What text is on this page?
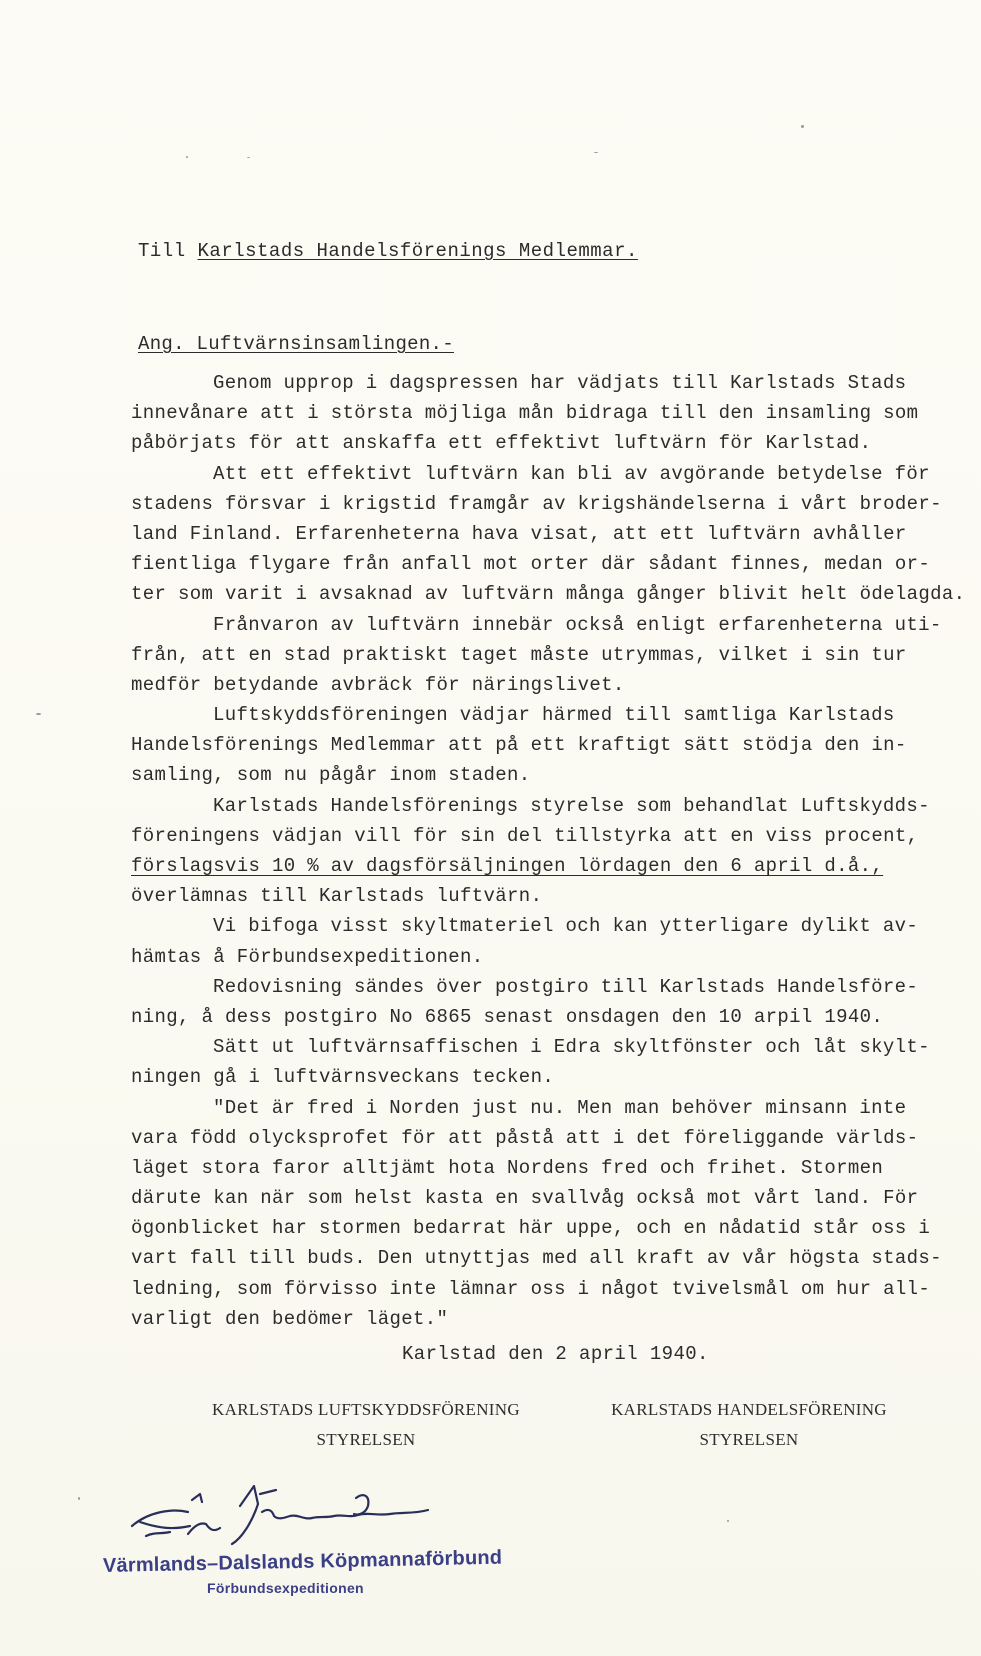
Till Karlstads Handelsförenings Medlemmar.
Ang. Luftvärnsinsamlingen.-
Genom upprop i dagspressen har vädjats till Karlstads Stads
innevånare att i största möjliga mån bidraga till den insamling som
påbörjats för att anskaffa ett effektivt luftvärn för Karlstad.
Att ett effektivt luftvärn kan bli av avgörande betydelse för
stadens försvar i krigstid framgår av krigshändelserna i vårt broder-
land Finland. Erfarenheterna hava visat, att ett luftvärn avhåller
fientliga flygare från anfall mot orter där sådant finnes, medan or-
ter som varit i avsaknad av luftvärn många gånger blivit helt ödelagda.
Frånvaron av luftvärn innebär också enligt erfarenheterna uti-
från, att en stad praktiskt taget måste utrymmas, vilket i sin tur
medför betydande avbräck för näringslivet.
Luftskyddsföreningen vädjar härmed till samtliga Karlstads
Handelsförenings Medlemmar att på ett kraftigt sätt stödja den in-
samling, som nu pågår inom staden.
Karlstads Handelsförenings styrelse som behandlat Luftskydds-
föreningens vädjan vill för sin del tillstyrka att en viss procent,
förslagsvis 10 % av dagsförsäljningen lördagen den 6 april d.å.,
överlämnas till Karlstads luftvärn.
Vi bifoga visst skyltmateriel och kan ytterligare dylikt av-
hämtas å Förbundsexpeditionen.
Redovisning sändes över postgiro till Karlstads Handelsföre-
ning, å dess postgiro No 6865 senast onsdagen den 10 arpil 1940.
Sätt ut luftvärnsaffischen i Edra skyltfönster och låt skylt-
ningen gå i luftvärnsveckans tecken.
"Det är fred i Norden just nu. Men man behöver minsann inte
vara född olycksprofet för att påstå att i det föreliggande världs-
läget stora faror alltjämt hota Nordens fred och frihet. Stormen
därute kan när som helst kasta en svallvåg också mot vårt land. För
ögonblicket har stormen bedarrat här uppe, och en nådatid står oss i
vart fall till buds. Den utnyttjas med all kraft av vår högsta stads-
ledning, som förvisso inte lämnar oss i något tvivelsmål om hur all-
varligt den bedömer läget."
Karlstad den 2 april 1940.
KARLSTADS LUFTSKYDDSFÖRENING
STYRELSEN
KARLSTADS HANDELSFÖRENING
STYRELSEN
Värmlands–Dalslands Köpmannaförbund
Förbundsexpeditionen
